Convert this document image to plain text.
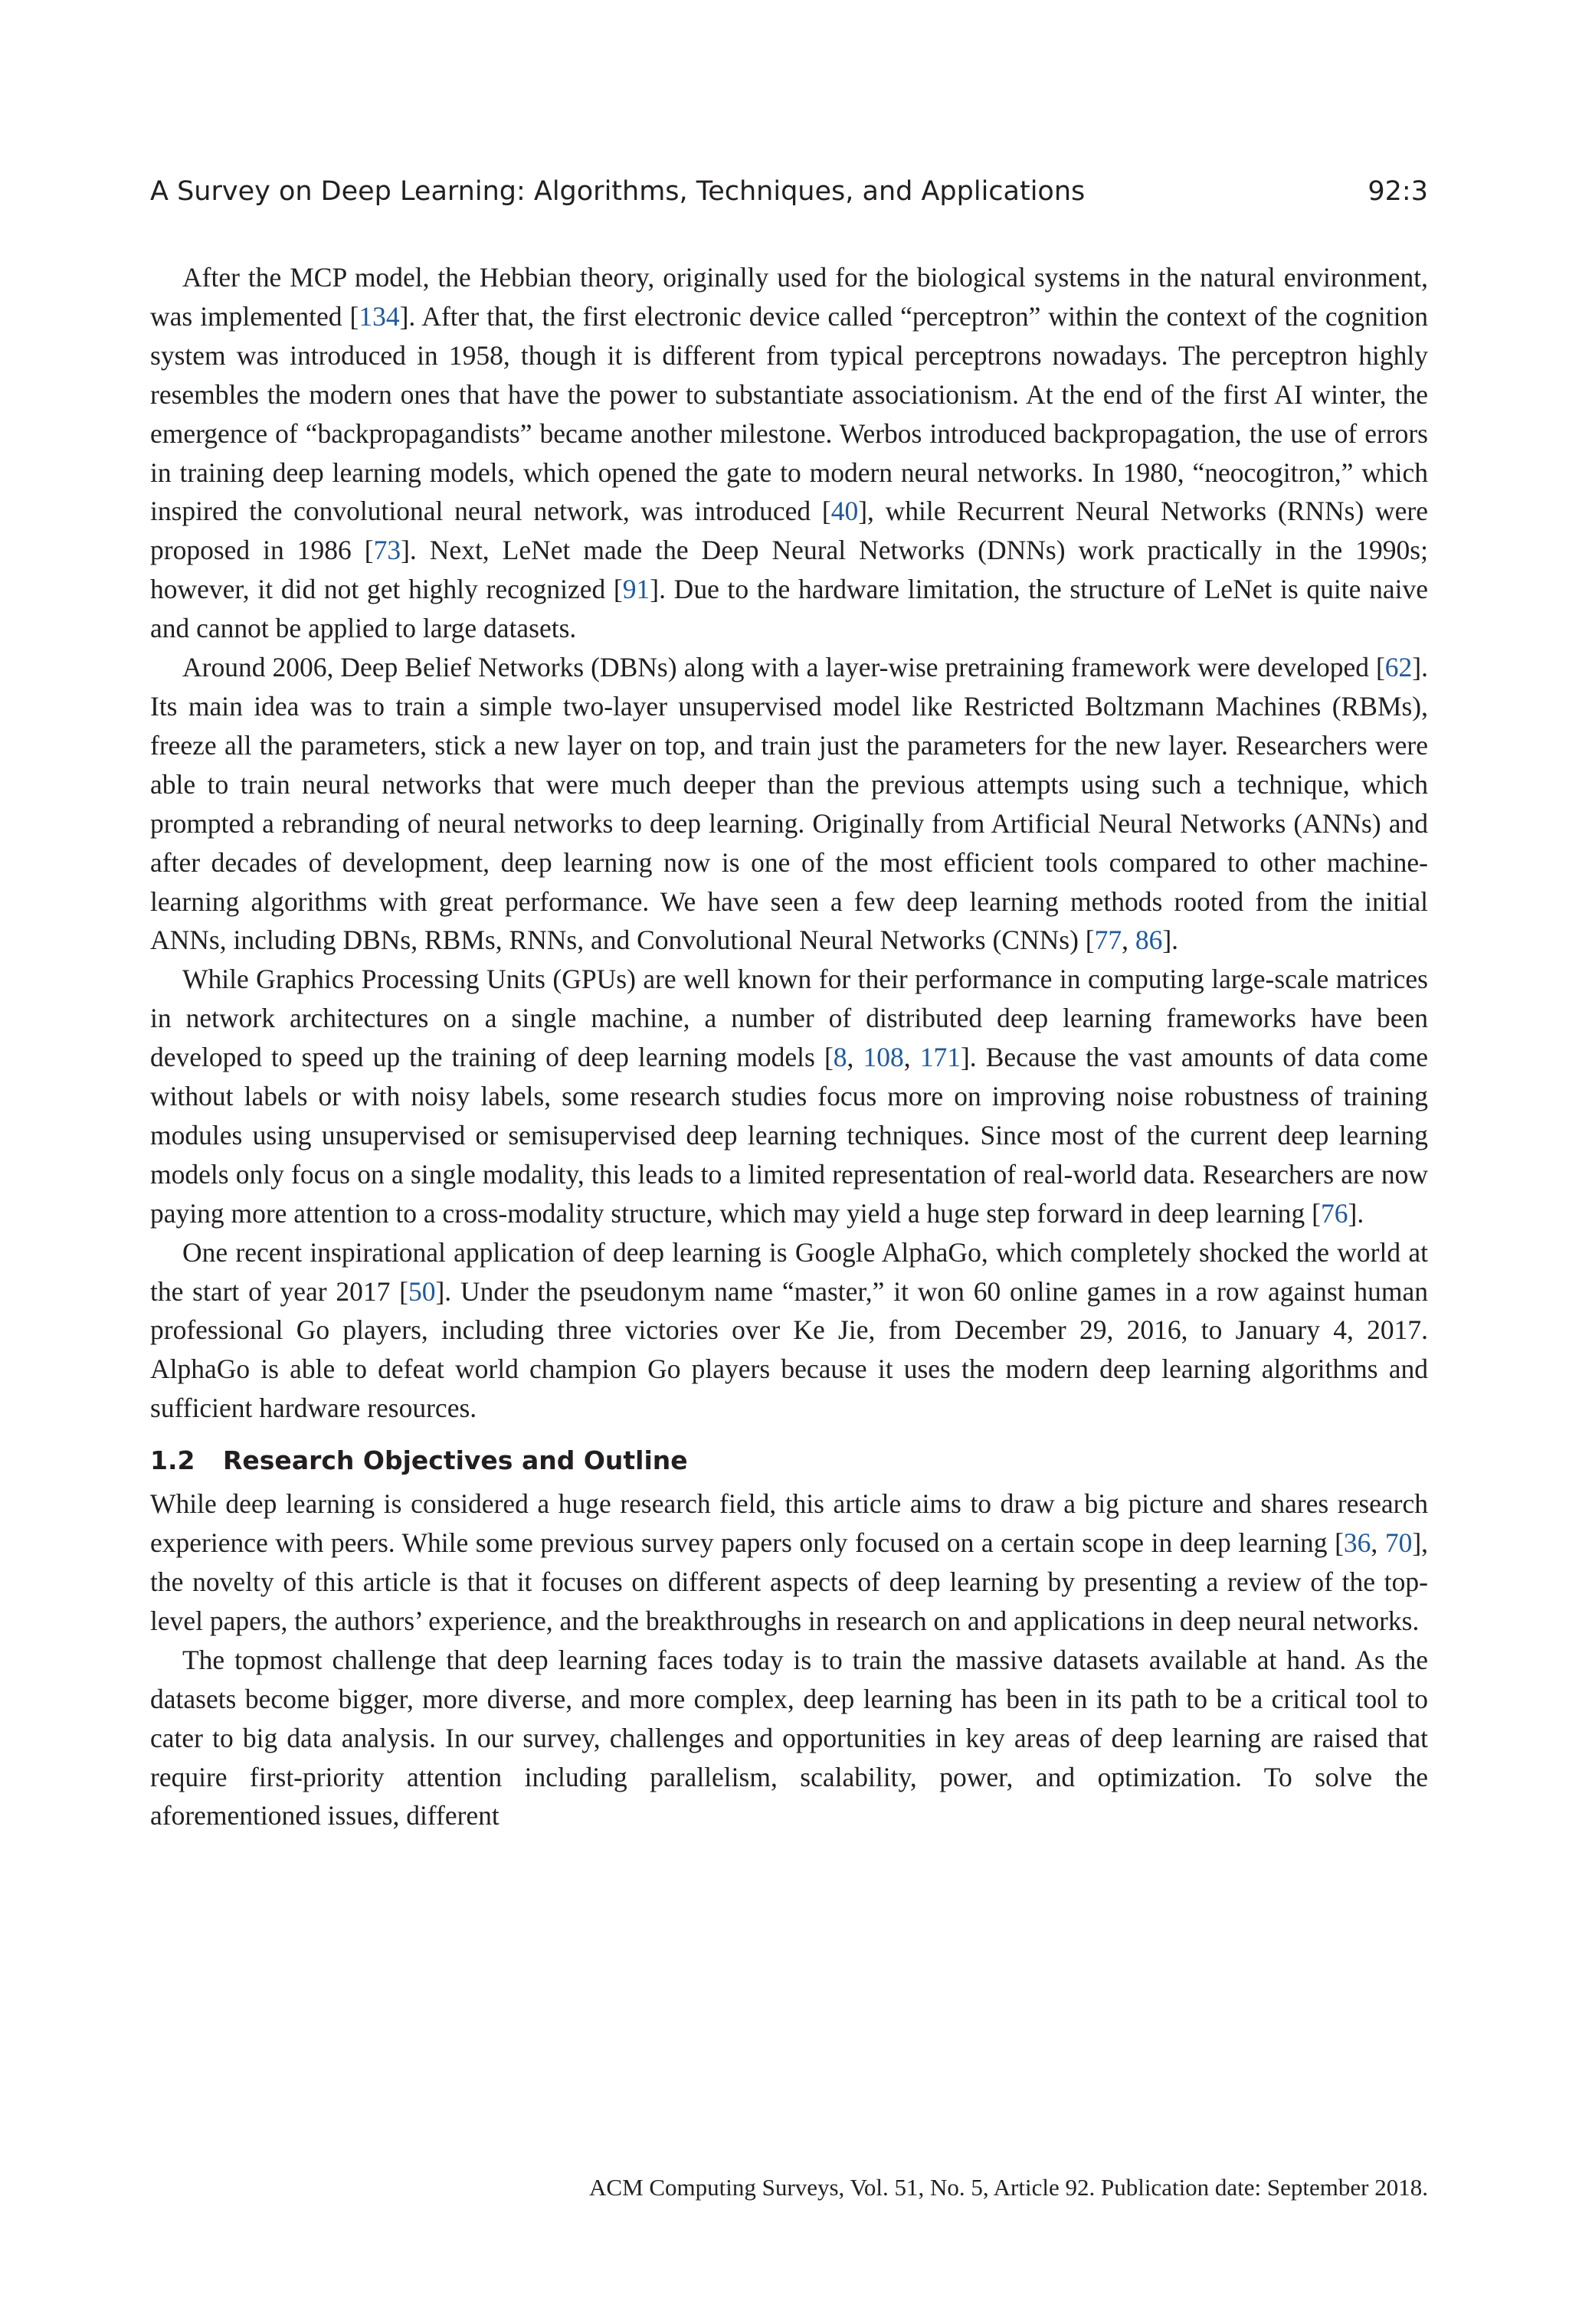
A Survey on Deep Learning: Algorithms, Techniques, and Applications	92:3

After the MCP model, the Hebbian theory, originally used for the biological systems in the natural environment, was implemented [134]. After that, the first electronic device called “perceptron” within the context of the cognition system was introduced in 1958, though it is different from typical perceptrons nowadays. The perceptron highly resembles the modern ones that have the power to substantiate associationism. At the end of the first AI winter, the emergence of “backpropagandists” became another milestone. Werbos introduced backpropagation, the use of errors in training deep learning models, which opened the gate to modern neural networks. In 1980, “neocogitron,” which inspired the convolutional neural network, was introduced [40], while Recurrent Neural Networks (RNNs) were proposed in 1986 [73]. Next, LeNet made the Deep Neural Networks (DNNs) work practically in the 1990s; however, it did not get highly recognized [91]. Due to the hardware limitation, the structure of LeNet is quite naive and cannot be applied to large datasets.

Around 2006, Deep Belief Networks (DBNs) along with a layer-wise pretraining framework were developed [62]. Its main idea was to train a simple two-layer unsupervised model like Restricted Boltzmann Machines (RBMs), freeze all the parameters, stick a new layer on top, and train just the parameters for the new layer. Researchers were able to train neural networks that were much deeper than the previous attempts using such a technique, which prompted a rebranding of neural networks to deep learning. Originally from Artificial Neural Networks (ANNs) and after decades of development, deep learning now is one of the most efficient tools compared to other machine-learning algorithms with great performance. We have seen a few deep learning methods rooted from the initial ANNs, including DBNs, RBMs, RNNs, and Convolutional Neural Networks (CNNs) [77, 86].

While Graphics Processing Units (GPUs) are well known for their performance in computing large-scale matrices in network architectures on a single machine, a number of distributed deep learning frameworks have been developed to speed up the training of deep learning models [8, 108, 171]. Because the vast amounts of data come without labels or with noisy labels, some research studies focus more on improving noise robustness of training modules using unsupervised or semisupervised deep learning techniques. Since most of the current deep learning models only focus on a single modality, this leads to a limited representation of real-world data. Researchers are now paying more attention to a cross-modality structure, which may yield a huge step forward in deep learning [76].

One recent inspirational application of deep learning is Google AlphaGo, which completely shocked the world at the start of year 2017 [50]. Under the pseudonym name “master,” it won 60 online games in a row against human professional Go players, including three victories over Ke Jie, from December 29, 2016, to January 4, 2017. AlphaGo is able to defeat world champion Go players because it uses the modern deep learning algorithms and sufficient hardware resources.

1.2 Research Objectives and Outline

While deep learning is considered a huge research field, this article aims to draw a big picture and shares research experience with peers. While some previous survey papers only focused on a certain scope in deep learning [36, 70], the novelty of this article is that it focuses on different aspects of deep learning by presenting a review of the top-level papers, the authors’ experience, and the breakthroughs in research on and applications in deep neural networks.

The topmost challenge that deep learning faces today is to train the massive datasets available at hand. As the datasets become bigger, more diverse, and more complex, deep learning has been in its path to be a critical tool to cater to big data analysis. In our survey, challenges and opportunities in key areas of deep learning are raised that require first-priority attention including parallelism, scalability, power, and optimization. To solve the aforementioned issues, different

ACM Computing Surveys, Vol. 51, No. 5, Article 92. Publication date: September 2018.
